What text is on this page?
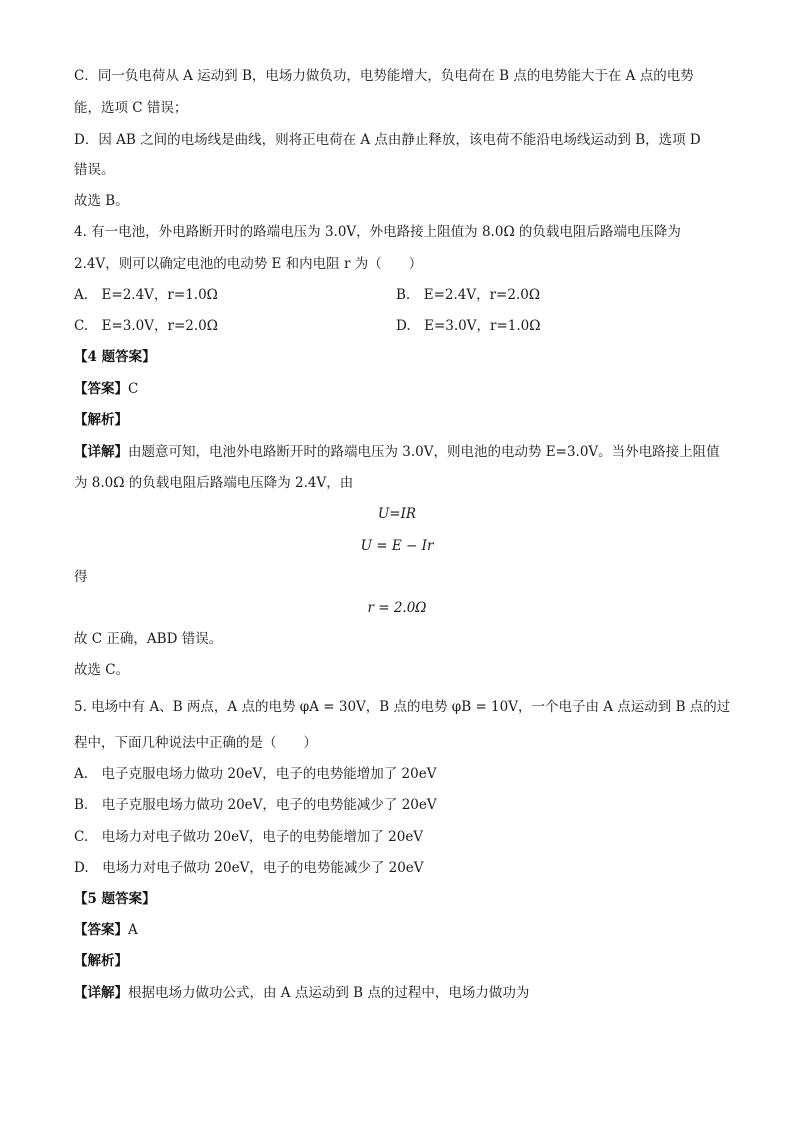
C．同一负电荷从 A 运动到 B，电场力做负功，电势能增大，负电荷在 B 点的电势能大于在 A 点的电势
能，选项 C 错误；
D．因 AB 之间的电场线是曲线，则将正电荷在 A 点由静止释放，该电荷不能沿电场线运动到 B，选项 D
错误。
故选 B。
4. 有一电池，外电路断开时的路端电压为 3.0V，外电路接上阻值为 8.0Ω 的负载电阻后路端电压降为
2.4V，则可以确定电池的电动势 E 和内电阻 r 为（　　）
A.　E=2.4V，r=1.0Ω	B.　E=2.4V，r=2.0Ω
C.　E=3.0V，r=2.0Ω	D.　E=3.0V，r=1.0Ω
【4 题答案】
【答案】C
【解析】
【详解】由题意可知，电池外电路断开时的路端电压为 3.0V，则电池的电动势 E=3.0V。当外电路接上阻值
为 8.0Ω 的负载电阻后路端电压降为 2.4V，由
U=IR
U = E − Ir
得
r = 2.0Ω
故 C 正确，ABD 错误。
故选 C。
5. 电场中有 A、B 两点，A 点的电势 φA = 30V，B 点的电势 φB = 10V，一个电子由 A 点运动到 B 点的过
程中，下面几种说法中正确的是（　　）
A.　电子克服电场力做功 20eV，电子的电势能增加了 20eV
B.　电子克服电场力做功 20eV，电子的电势能减少了 20eV
C.　电场力对电子做功 20eV，电子的电势能增加了 20eV
D.　电场力对电子做功 20eV，电子的电势能减少了 20eV
【5 题答案】
【答案】A
【解析】
【详解】根据电场力做功公式，由 A 点运动到 B 点的过程中，电场力做功为
